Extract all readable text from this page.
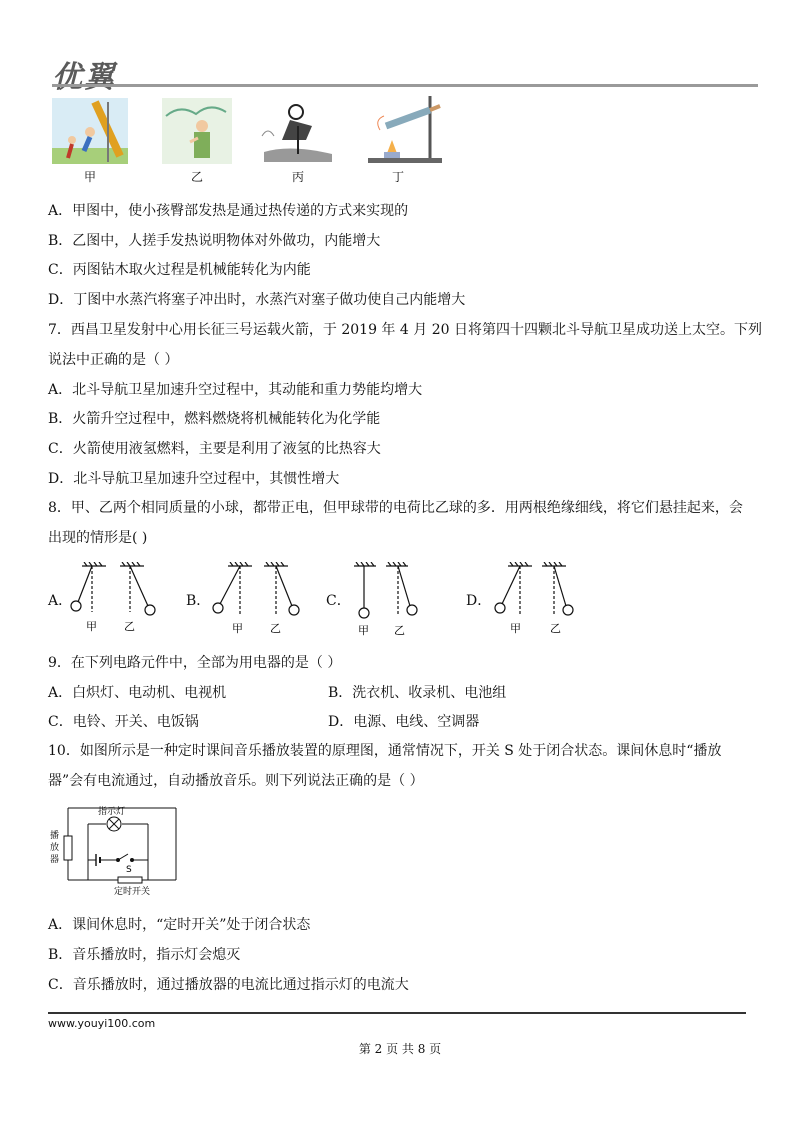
优翼
甲	乙	丙	丁
A．甲图中，使小孩臀部发热是通过热传递的方式来实现的
B．乙图中，人搓手发热说明物体对外做功，内能增大
C．丙图钻木取火过程是机械能转化为内能
D．丁图中水蒸汽将塞子冲出时，水蒸汽对塞子做功使自己内能增大
7．西昌卫星发射中心用长征三号运载火箭，于 2019 年 4 月 20 日将第四十四颗北斗导航卫星成功送上太空。下列
说法中正确的是（ ）
A．北斗导航卫星加速升空过程中，其动能和重力势能均增大
B．火箭升空过程中，燃料燃烧将机械能转化为化学能
C．火箭使用液氢燃料，主要是利用了液氢的比热容大
D．北斗导航卫星加速升空过程中，其惯性增大
8．甲、乙两个相同质量的小球，都带正电，但甲球带的电荷比乙球的多．用两根绝缘细线，将它们悬挂起来，会
出现的情形是( )
A．	B．	C．	D．
甲 乙	甲 乙	甲 乙	甲	乙
9．在下列电路元件中，全部为用电器的是（ ）
A．白炽灯、电动机、电视机	B．洗衣机、收录机、电池组
C．电铃、开关、电饭锅	D．电源、电线、空调器
10．如图所示是一种定时课间音乐播放装置的原理图，通常情况下，开关 S 处于闭合状态。课间休息时“播放
器”会有电流通过，自动播放音乐。则下列说法正确的是（ ）
指示灯
播
放
器
S
定时开关
A．课间休息时，“定时开关”处于闭合状态
B．音乐播放时，指示灯会熄灭
C．音乐播放时，通过播放器的电流比通过指示灯的电流大
www.youyi100.com
第 2 页 共 8 页
